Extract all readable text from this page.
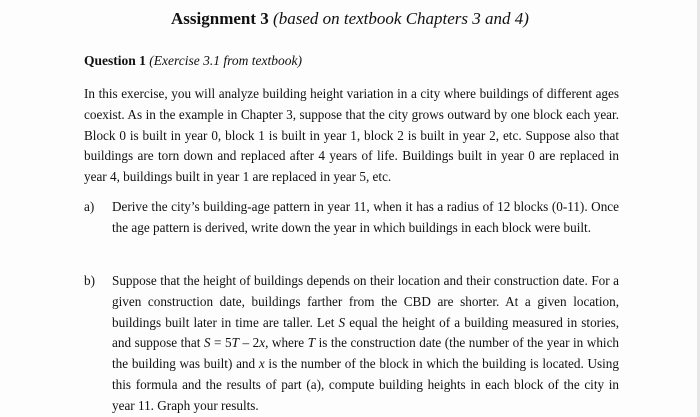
Assignment 3 (based on textbook Chapters 3 and 4)
Question 1 (Exercise 3.1 from textbook)
In this exercise, you will analyze building height variation in a city where buildings of different ages coexist. As in the example in Chapter 3, suppose that the city grows outward by one block each year. Block 0 is built in year 0, block 1 is built in year 1, block 2 is built in year 2, etc. Suppose also that buildings are torn down and replaced after 4 years of life. Buildings built in year 0 are replaced in year 4, buildings built in year 1 are replaced in year 5, etc.
a) Derive the city’s building-age pattern in year 11, when it has a radius of 12 blocks (0-11). Once the age pattern is derived, write down the year in which buildings in each block were built.
b) Suppose that the height of buildings depends on their location and their construction date. For a given construction date, buildings farther from the CBD are shorter. At a given location, buildings built later in time are taller. Let S equal the height of a building measured in stories, and suppose that S = 5T – 2x, where T is the construction date (the number of the year in which the building was built) and x is the number of the block in which the building is located. Using this formula and the results of part (a), compute building heights in each block of the city in year 11. Graph your results.
